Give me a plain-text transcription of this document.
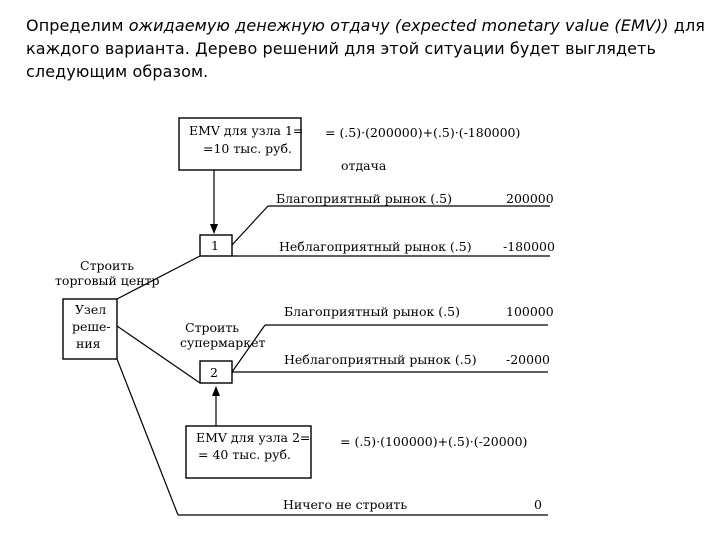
Определим ожидаемую денежную отдачу (expected monetary value (EMV)) для каждого варианта. Дерево решений для этой ситуации будет выглядеть следующим образом.
EMV для узла 1=
=10 тыс. руб.
= (.5)·(200000)+(.5)·(-180000)
отдача
1
Благоприятный рынок (.5)	200000
Неблагоприятный рынок (.5)	-180000
Узел
реше-
ния
Строить
торговый центр
Строить
супермаркет
2
Благоприятный рынок (.5)	100000
Неблагоприятный рынок (.5) -20000
EMV для узла 2=
= 40 тыс. руб.
= (.5)·(100000)+(.5)·(-20000)
Ничего не строить	0
